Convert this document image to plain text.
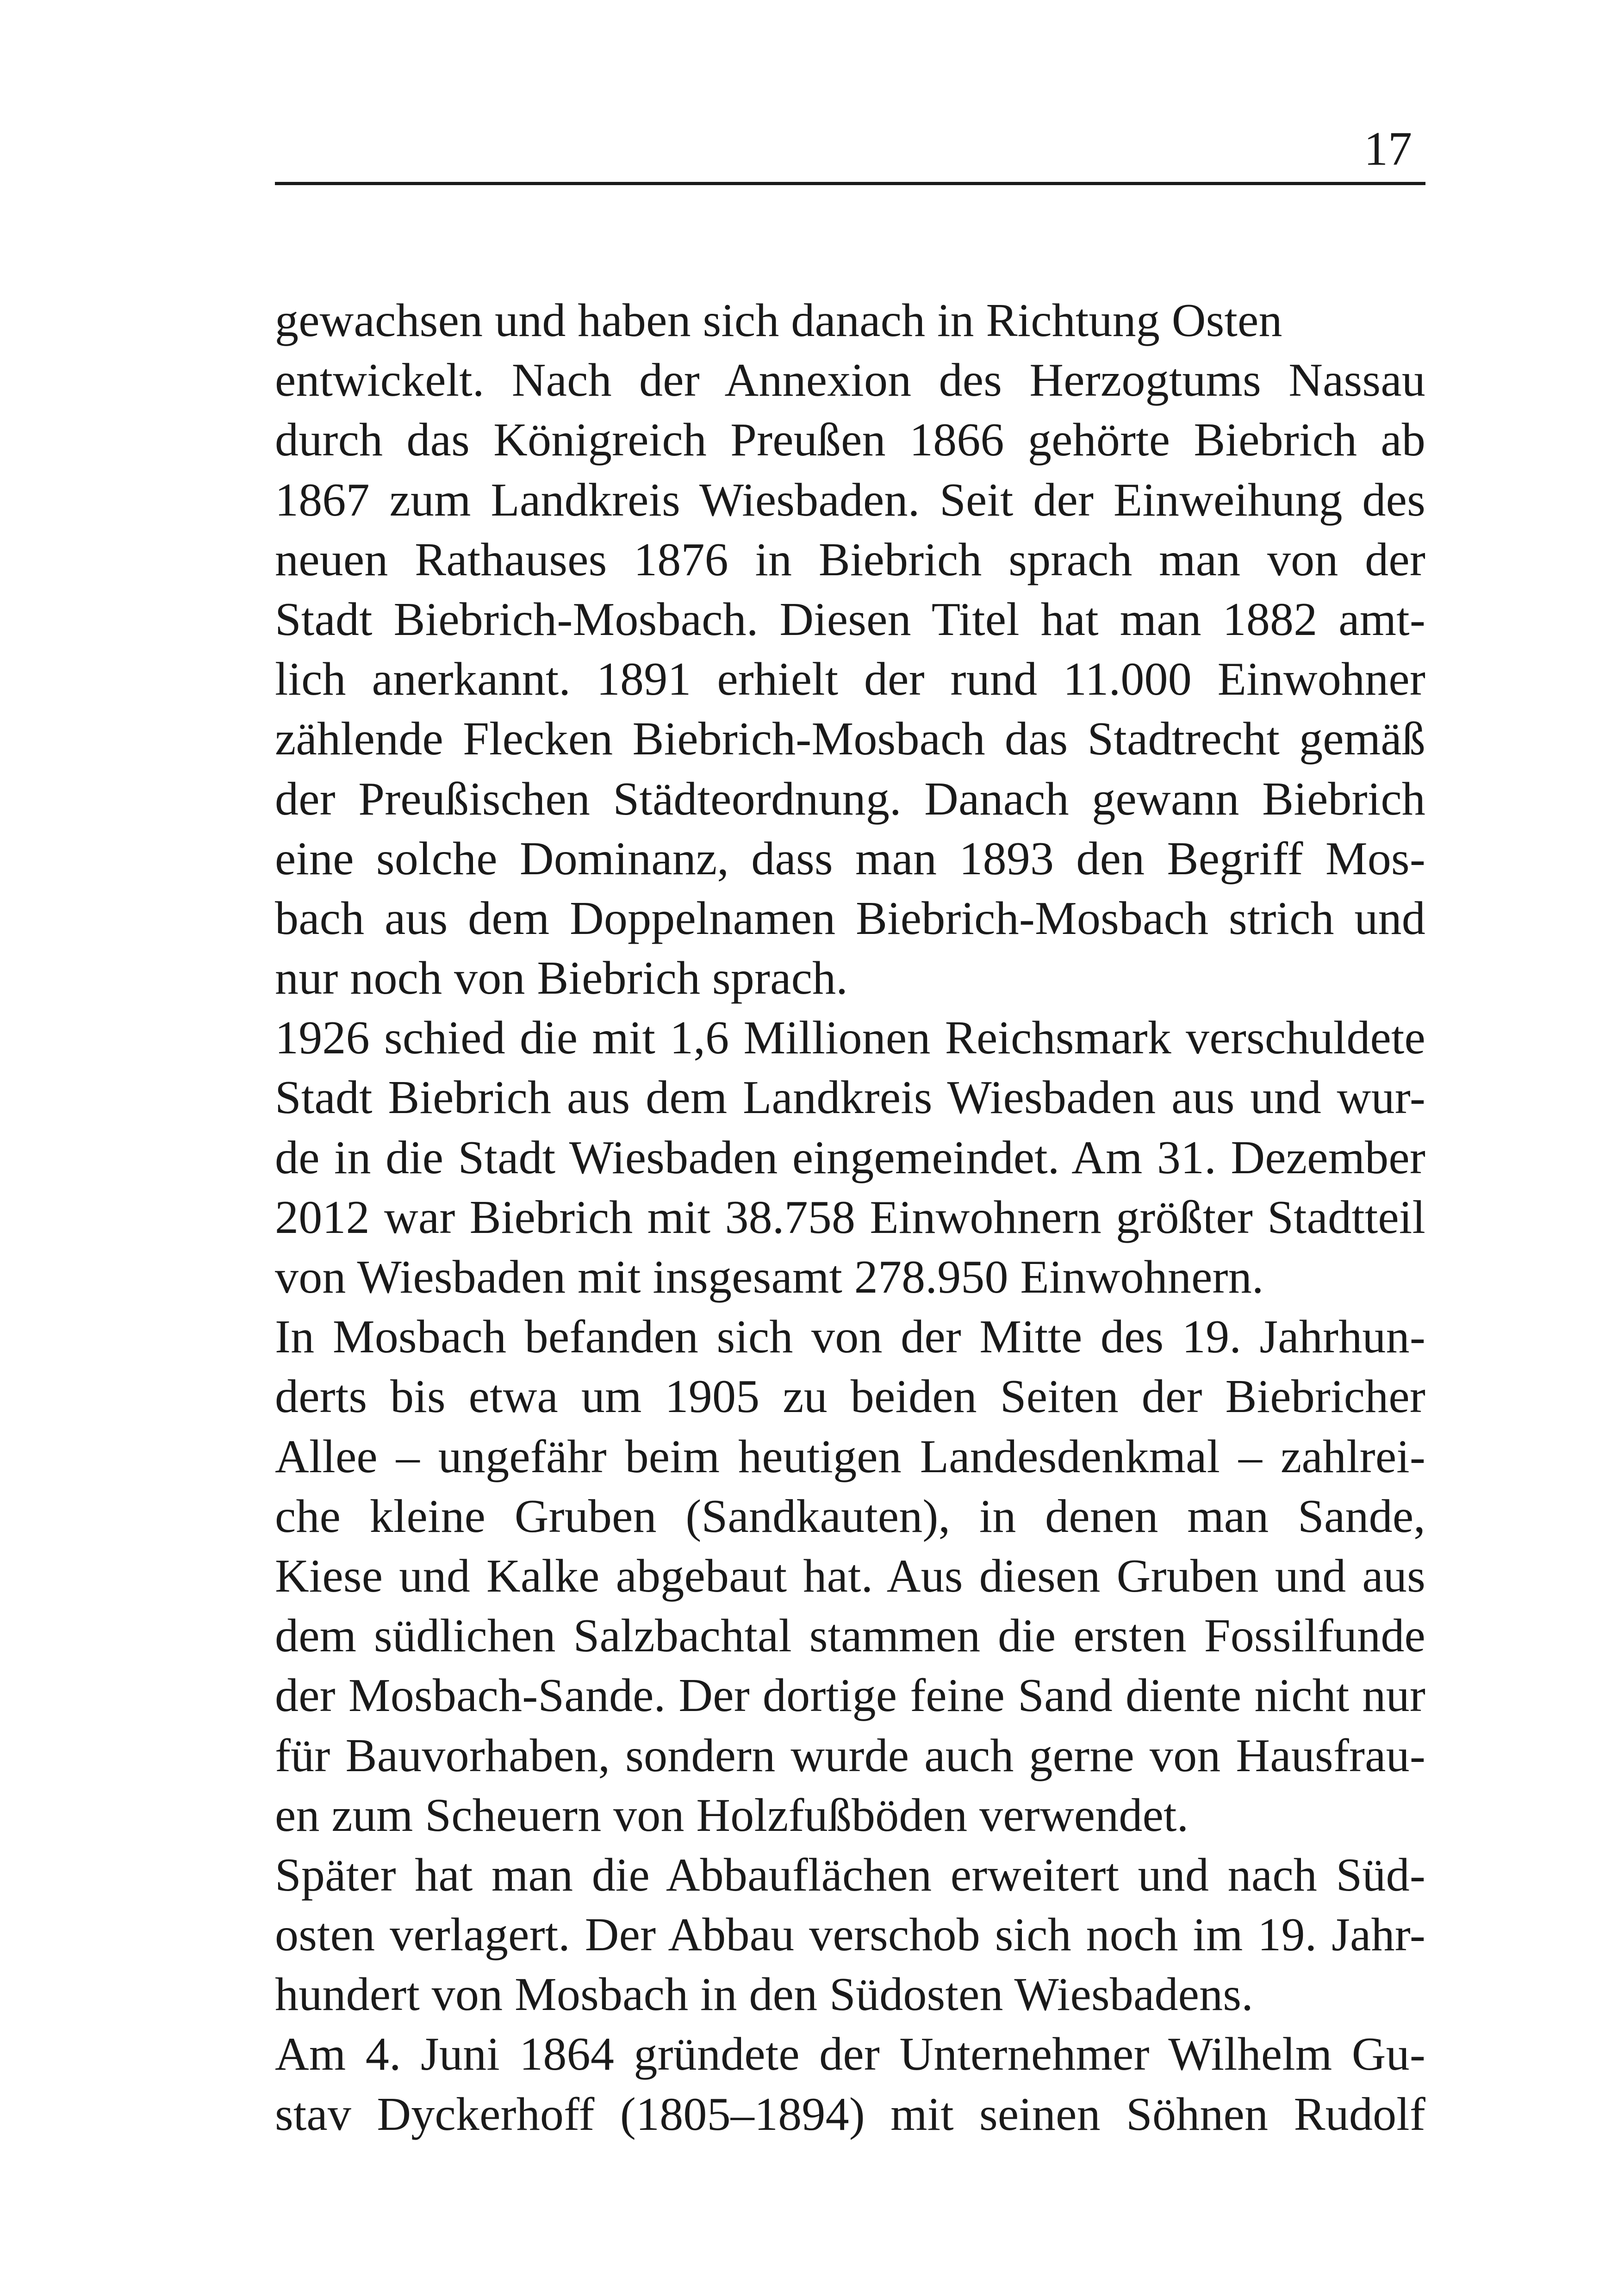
17
gewachsen und haben sich danach in Richtung Osten
entwickelt. Nach der Annexion des Herzogtums Nassau
durch das Königreich Preußen 1866 gehörte Biebrich ab
1867 zum Landkreis Wiesbaden. Seit der Einweihung des
neuen Rathauses 1876 in Biebrich sprach man von der
Stadt Biebrich-Mosbach. Diesen Titel hat man 1882 amt-
lich anerkannt. 1891 erhielt der rund 11.000 Einwohner
zählende Flecken Biebrich-Mosbach das Stadtrecht gemäß
der Preußischen Städteordnung. Danach gewann Biebrich
eine solche Dominanz, dass man 1893 den Begriff Mos-
bach aus dem Doppelnamen Biebrich-Mosbach strich und
nur noch von Biebrich sprach.
1926 schied die mit 1,6 Millionen Reichsmark verschuldete
Stadt Biebrich aus dem Landkreis Wiesbaden aus und wur-
de in die Stadt Wiesbaden eingemeindet. Am 31. Dezember
2012 war Biebrich mit 38.758 Einwohnern größter Stadtteil
von Wiesbaden mit insgesamt 278.950 Einwohnern.
In Mosbach befanden sich von der Mitte des 19. Jahrhun-
derts bis etwa um 1905 zu beiden Seiten der Biebricher
Allee – ungefähr beim heutigen Landesdenkmal – zahlrei-
che kleine Gruben (Sandkauten), in denen man Sande,
Kiese und Kalke abgebaut hat. Aus diesen Gruben und aus
dem südlichen Salzbachtal stammen die ersten Fossilfunde
der Mosbach-Sande. Der dortige feine Sand diente nicht nur
für Bauvorhaben, sondern wurde auch gerne von Hausfrau-
en zum Scheuern von Holzfußböden verwendet.
Später hat man die Abbauflächen erweitert und nach Süd-
osten verlagert. Der Abbau verschob sich noch im 19. Jahr-
hundert von Mosbach in den Südosten Wiesbadens.
Am 4. Juni 1864 gründete der Unternehmer Wilhelm Gu-
stav Dyckerhoff (1805–1894) mit seinen Söhnen Rudolf
